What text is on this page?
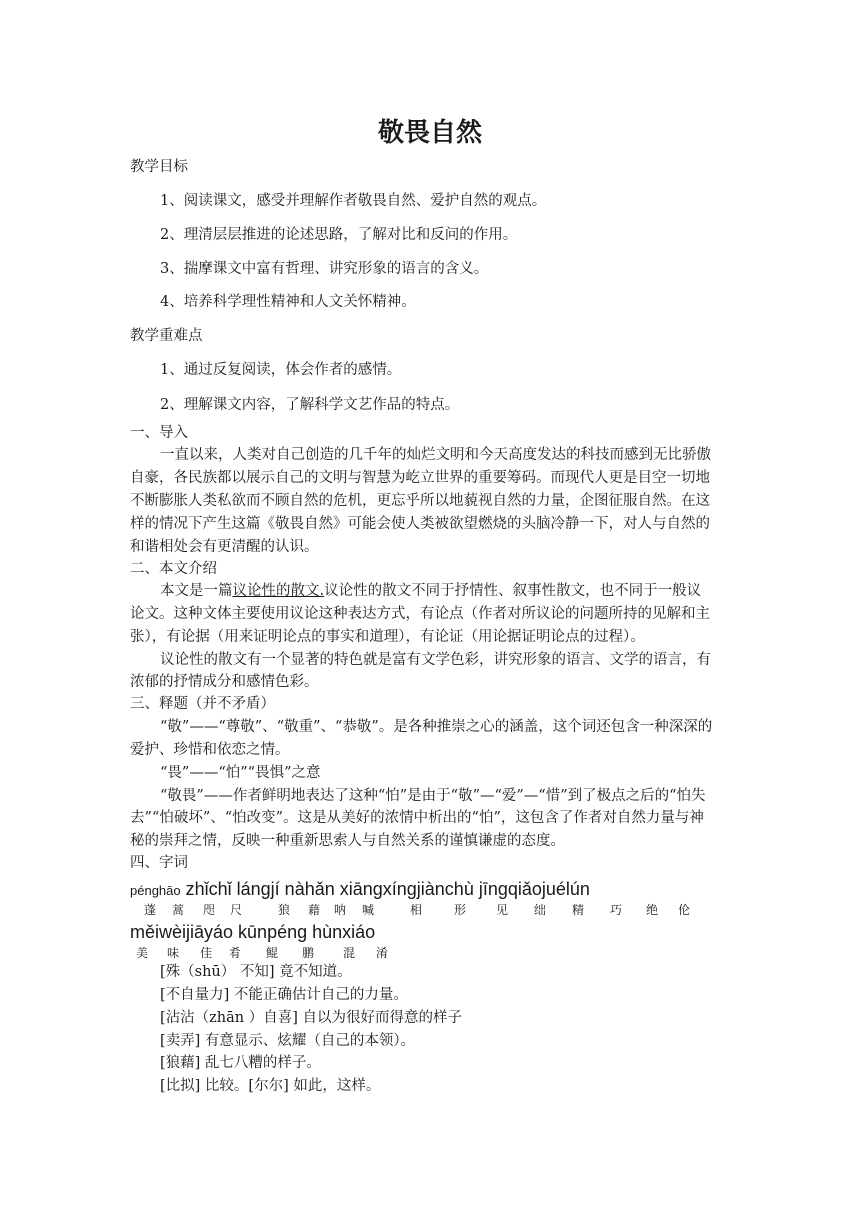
敬畏自然
教学目标
1、阅读课文，感受并理解作者敬畏自然、爱护自然的观点。
2、理清层层推进的论述思路，了解对比和反问的作用。
3、揣摩课文中富有哲理、讲究形象的语言的含义。
4、培养科学理性精神和人文关怀精神。
教学重难点
1、通过反复阅读，体会作者的感情。
2、理解课文内容，了解科学文艺作品的特点。
一、导入
一直以来，人类对自己创造的几千年的灿烂文明和今天高度发达的科技而感到无比骄傲
自豪，各民族都以展示自己的文明与智慧为屹立世界的重要筹码。而现代人更是目空一切地
不断膨胀人类私欲而不顾自然的危机，更忘乎所以地藐视自然的力量，企图征服自然。在这
样的情况下产生这篇《敬畏自然》可能会使人类被欲望燃烧的头脑冷静一下，对人与自然的
和谐相处会有更清醒的认识。
二、本文介绍
本文是一篇议论性的散文.议论性的散文不同于抒情性、叙事性散文，也不同于一般议
论文。这种文体主要使用议论这种表达方式，有论点（作者对所议论的问题所持的见解和主
张），有论据（用来证明论点的事实和道理），有论证（用论据证明论点的过程）。
议论性的散文有一个显著的特色就是富有文学色彩，讲究形象的语言、文学的语言，有
浓郁的抒情成分和感情色彩。
三、释题（并不矛盾）
“敬”——“尊敬”、“敬重”、“恭敬”。是各种推崇之心的涵盖，这个词还包含一种深深的
爱护、珍惜和依恋之情。
“畏”——“怕”“畏惧”之意
“敬畏”——作者鲜明地表达了这种“怕”是由于“敬”—“爱”—“惜”到了极点之后的“怕失
去”“怕破坏”、“怕改变”。这是从美好的浓情中析出的“怕”，这包含了作者对自然力量与神
秘的崇拜之情，反映一种重新思索人与自然关系的谨慎谦虚的态度。
四、字词
pénghāo zhǐchǐ lángjí nàhǎn xiāngxíngjiànchù jīngqiǎojuélún
蓬 蒿 咫 尺	狼 藉 呐 喊	相	形 见 绌 精 巧 绝 伦
měiwèijiāyáo kūnpéng hùnxiáo
美 味 佳 肴 鲲 鹏 混 淆
[殊（shū） 不知] 竟不知道。
[不自量力] 不能正确估计自己的力量。
[沾沾（zhān ）自喜] 自以为很好而得意的样子
[卖弄] 有意显示、炫耀（自己的本领）。
[狼藉] 乱七八糟的样子。
[比拟] 比较。[尔尔] 如此，这样。
